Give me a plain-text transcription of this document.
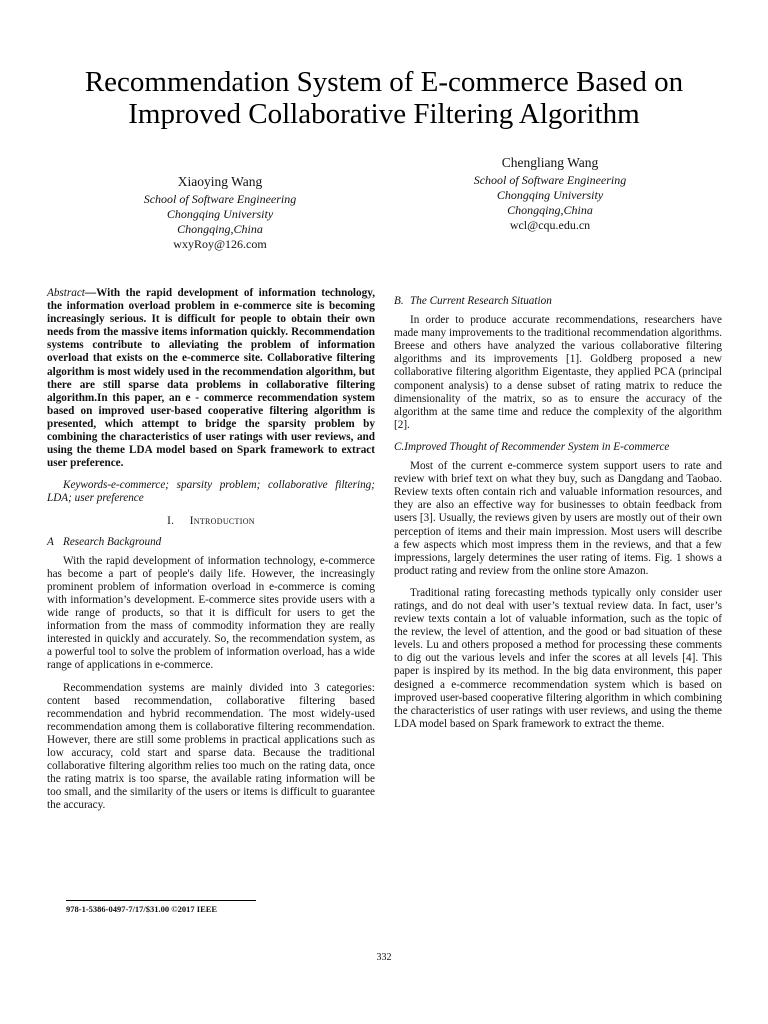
Recommendation System of E-commerce Based on
Improved Collaborative Filtering Algorithm
Xiaoying Wang
School of Software Engineering
Chongqing University
Chongqing,China
wxyRoy@126.com
Chengliang Wang
School of Software Engineering
Chongqing University
Chongqing,China
wcl@cqu.edu.cn

Abstract—With the rapid development of information technology, the information overload problem in e-commerce site is becoming increasingly serious. It is difficult for people to obtain their own needs from the massive items information quickly. Recommendation systems contribute to alleviating the problem of information overload that exists on the e-commerce site. Collaborative filtering algorithm is most widely used in the recommendation algorithm, but there are still sparse data problems in collaborative filtering algorithm.In this paper, an e - commerce recommendation system based on improved user-based cooperative filtering algorithm is presented, which attempt to bridge the sparsity problem by combining the characteristics of user ratings with user reviews, and using the theme LDA model based on Spark framework to extract user preference.

Keywords-e-commerce; sparsity problem; collaborative filtering; LDA; user preference

I. Introduction
A Research Background

With the rapid development of information technology, e-commerce has become a part of people's daily life. However, the increasingly prominent problem of information overload in e-commerce is coming with information’s development. E-commerce sites provide users with a wide range of products, so that it is difficult for users to get the information from the mass of commodity information they are really interested in quickly and accurately. So, the recommendation system, as a powerful tool to solve the problem of information overload, has a wide range of applications in e-commerce.

Recommendation systems are mainly divided into 3 categories: content based recommendation, collaborative filtering based recommendation and hybrid recommendation. The most widely-used recommendation among them is collaborative filtering recommendation. However, there are still some problems in practical applications such as low accuracy, cold start and sparse data. Because the traditional collaborative filtering algorithm relies too much on the rating data, once the rating matrix is too sparse, the available rating information will be too small, and the similarity of the users or items is difficult to guarantee the accuracy.

B. The Current Research Situation

In order to produce accurate recommendations, researchers have made many improvements to the traditional recommendation algorithms. Breese and others have analyzed the various collaborative filtering algorithms and its improvements [1]. Goldberg proposed a new collaborative filtering algorithm Eigentaste, they applied PCA (principal component analysis) to a dense subset of rating matrix to reduce the dimensionality of the matrix, so as to ensure the accuracy of the algorithm at the same time and reduce the complexity of the algorithm [2].

C.Improved Thought of Recommender System in E-commerce

Most of the current e-commerce system support users to rate and review with brief text on what they buy, such as Dangdang and Taobao. Review texts often contain rich and valuable information resources, and they are also an effective way for businesses to obtain feedback from users [3]. Usually, the reviews given by users are mostly out of their own perception of items and their main impression. Most users will describe a few aspects which most impress them in the reviews, and that a few impressions, largely determines the user rating of items. Fig. 1 shows a product rating and review from the online store Amazon.

Traditional rating forecasting methods typically only consider user ratings, and do not deal with user’s textual review data. In fact, user’s review texts contain a lot of valuable information, such as the topic of the review, the level of attention, and the good or bad situation of these levels. Lu and others proposed a method for processing these comments to dig out the various levels and infer the scores at all levels [4]. This paper is inspired by its method. In the big data environment, this paper designed a e-commerce recommendation system which is based on improved user-based cooperative filtering algorithm in which combining the characteristics of user ratings with user reviews, and using the theme LDA model based on Spark framework to extract the theme.

978-1-5386-0497-7/17/$31.00 ©2017 IEEE
332
